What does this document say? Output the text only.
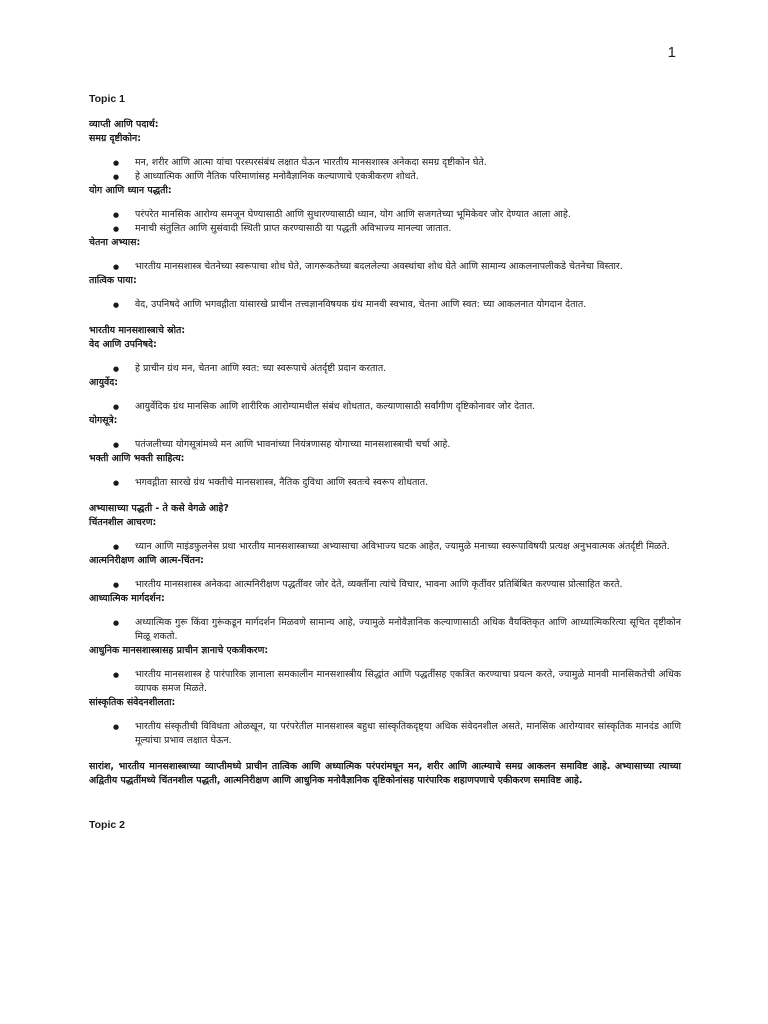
1
Topic 1

व्याप्ती आणि पदार्थ:

समग्र दृष्टीकोन:

● मन, शरीर आणि आत्मा यांचा परस्परसंबंध लक्षात घेऊन भारतीय मानसशास्त्र अनेकदा समग्र दृष्टीकोन घेते.
● हे आध्यात्मिक आणि नैतिक परिमाणांसह मनोवैज्ञानिक कल्याणाचे एकत्रीकरण शोधते.

योग आणि ध्यान पद्धती:

● परंपरेत मानसिक आरोग्य समजून घेण्यासाठी आणि सुधारण्यासाठी ध्यान, योग आणि सजगतेच्या भूमिकेवर जोर देण्यात आला आहे.
● मनाची संतुलित आणि सुसंवादी स्थिती प्राप्त करण्यासाठी या पद्धती अविभाज्य मानल्या जातात.

चेतना अभ्यास:

● भारतीय मानसशास्त्र चेतनेच्या स्वरूपाचा शोध घेते, जागरूकतेच्या बदललेल्या अवस्थांचा शोध घेते आणि सामान्य आकलनापलीकडे चेतनेचा विस्तार.

तात्विक पाया:

● वेद, उपनिषदे आणि भगवद्गीता यांसारखे प्राचीन तत्त्वज्ञानविषयक ग्रंथ मानवी स्वभाव, चेतना आणि स्वत: च्या आकलनात योगदान देतात.

भारतीय मानसशास्त्राचे स्रोत:

वेद आणि उपनिषदे:

● हे प्राचीन ग्रंथ मन, चेतना आणि स्वत: च्या स्वरूपाचे अंतर्दृष्टी प्रदान करतात.

आयुर्वेद:

● आयुर्वेदिक ग्रंथ मानसिक आणि शारीरिक आरोग्यामधील संबंध शोधतात, कल्याणासाठी सर्वांगीण दृष्टिकोनावर जोर देतात.

योगसूत्रे:

● पतंजलीच्या योगसूत्रांमध्ये मन आणि भावनांच्या नियंत्रणासह योगाच्या मानसशास्त्राची चर्चा आहे.

भक्ती आणि भक्ती साहित्य:

● भगवद्गीता सारखे ग्रंथ भक्तीचे मानसशास्त्र, नैतिक दुविधा आणि स्वतःचे स्वरूप शोधतात.

अभ्यासाच्या पद्धती - ते कसे वेगळे आहे?

चिंतनशील आचरण:

● ध्यान आणि माइंडफुलनेस प्रथा भारतीय मानसशास्त्राच्या अभ्यासाचा अविभाज्य घटक आहेत, ज्यामुळे मनाच्या स्वरूपाविषयी प्रत्यक्ष अनुभवात्मक अंतर्दृष्टी मिळते.

आत्मनिरीक्षण आणि आत्म-चिंतन:

● भारतीय मानसशास्त्र अनेकदा आत्मनिरीक्षण पद्धतींवर जोर देते, व्यक्तींना त्यांचे विचार, भावना आणि कृतींवर प्रतिबिंबित करण्यास प्रोत्साहित करते.

आध्यात्मिक मार्गदर्शन:

● अध्यात्मिक गुरू किंवा गुरूंकडून मार्गदर्शन मिळवणे सामान्य आहे, ज्यामुळे मनोवैज्ञानिक कल्याणासाठी अधिक वैयक्तिकृत आणि आध्यात्मिकरित्या सूचित दृष्टीकोन मिळू शकतो.

आधुनिक मानसशास्त्रासह प्राचीन ज्ञानाचे एकत्रीकरण:

● भारतीय मानसशास्त्र हे पारंपारिक ज्ञानाला समकालीन मानसशास्त्रीय सिद्धांत आणि पद्धतींसह एकत्रित करण्याचा प्रयत्न करते, ज्यामुळे मानवी मानसिकतेची अधिक व्यापक समज मिळते.

सांस्कृतिक संवेदनशीलता:

● भारतीय संस्कृतीची विविधता ओळखून, या परंपरेतील मानसशास्त्र बहुधा सांस्कृतिकदृष्ट्या अधिक संवेदनशील असते, मानसिक आरोग्यावर सांस्कृतिक मानदंड आणि मूल्यांचा प्रभाव लक्षात घेऊन.

सारांश, भारतीय मानसशास्त्राच्या व्याप्तीमध्ये प्राचीन तात्विक आणि अध्यात्मिक परंपरांमधून मन, शरीर आणि आत्म्याचे समग्र आकलन समाविष्ट आहे. अभ्यासाच्या त्याच्या अद्वितीय पद्धतींमध्ये चिंतनशील पद्धती, आत्मनिरीक्षण आणि आधुनिक मनोवैज्ञानिक दृष्टिकोनांसह पारंपारिक शहाणपणाचे एकीकरण समाविष्ट आहे.

Topic 2
